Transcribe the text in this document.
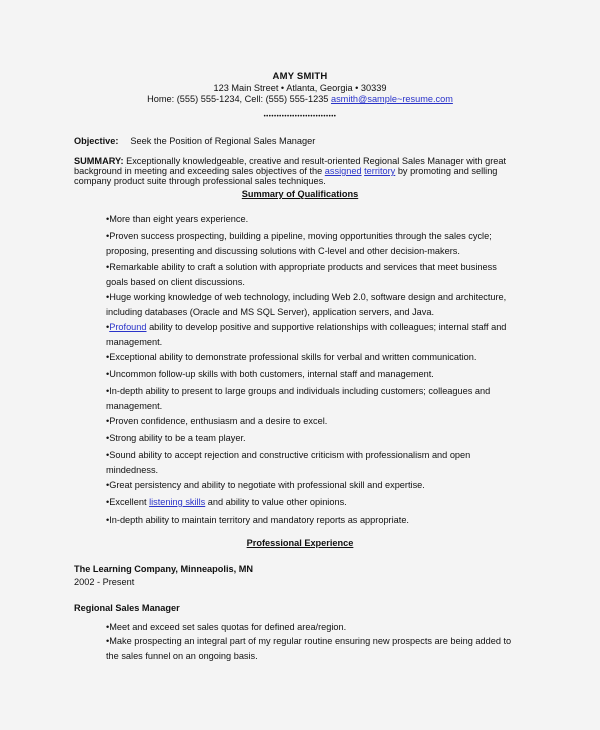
AMY SMITH
123 Main Street • Atlanta, Georgia • 30339
Home: (555) 555-1234, Cell: (555) 555-1235 asmith@sample~resume.com
••••••••••••••••••••••••••••
Objective: Seek the Position of Regional Sales Manager
SUMMARY: Exceptionally knowledgeable, creative and result-oriented Regional Sales Manager with great background in meeting and exceeding sales objectives of the assigned territory by promoting and selling company product suite through professional sales techniques.
Summary of Qualifications
•More than eight years experience.
•Proven success prospecting, building a pipeline, moving opportunities through the sales cycle;
proposing, presenting and discussing solutions with C-level and other decision-makers.
•Remarkable ability to craft a solution with appropriate products and services that meet business
goals based on client discussions.
•Huge working knowledge of web technology, including Web 2.0, software design and architecture,
including databases (Oracle and MS SQL Server), application servers, and Java.
•Profound ability to develop positive and supportive relationships with colleagues; internal staff and
management.
•Exceptional ability to demonstrate professional skills for verbal and written communication.
•Uncommon follow-up skills with both customers, internal staff and management.
•In-depth ability to present to large groups and individuals including customers; colleagues and
management.
•Proven confidence, enthusiasm and a desire to excel.
•Strong ability to be a team player.
•Sound ability to accept rejection and constructive criticism with professionalism and open
mindedness.
•Great persistency and ability to negotiate with professional skill and expertise.
•Excellent listening skills and ability to value other opinions.
•In-depth ability to maintain territory and mandatory reports as appropriate.
Professional Experience
The Learning Company, Minneapolis, MN
2002 - Present
Regional Sales Manager
•Meet and exceed set sales quotas for defined area/region.
•Make prospecting an integral part of my regular routine ensuring new prospects are being added to
the sales funnel on an ongoing basis.
